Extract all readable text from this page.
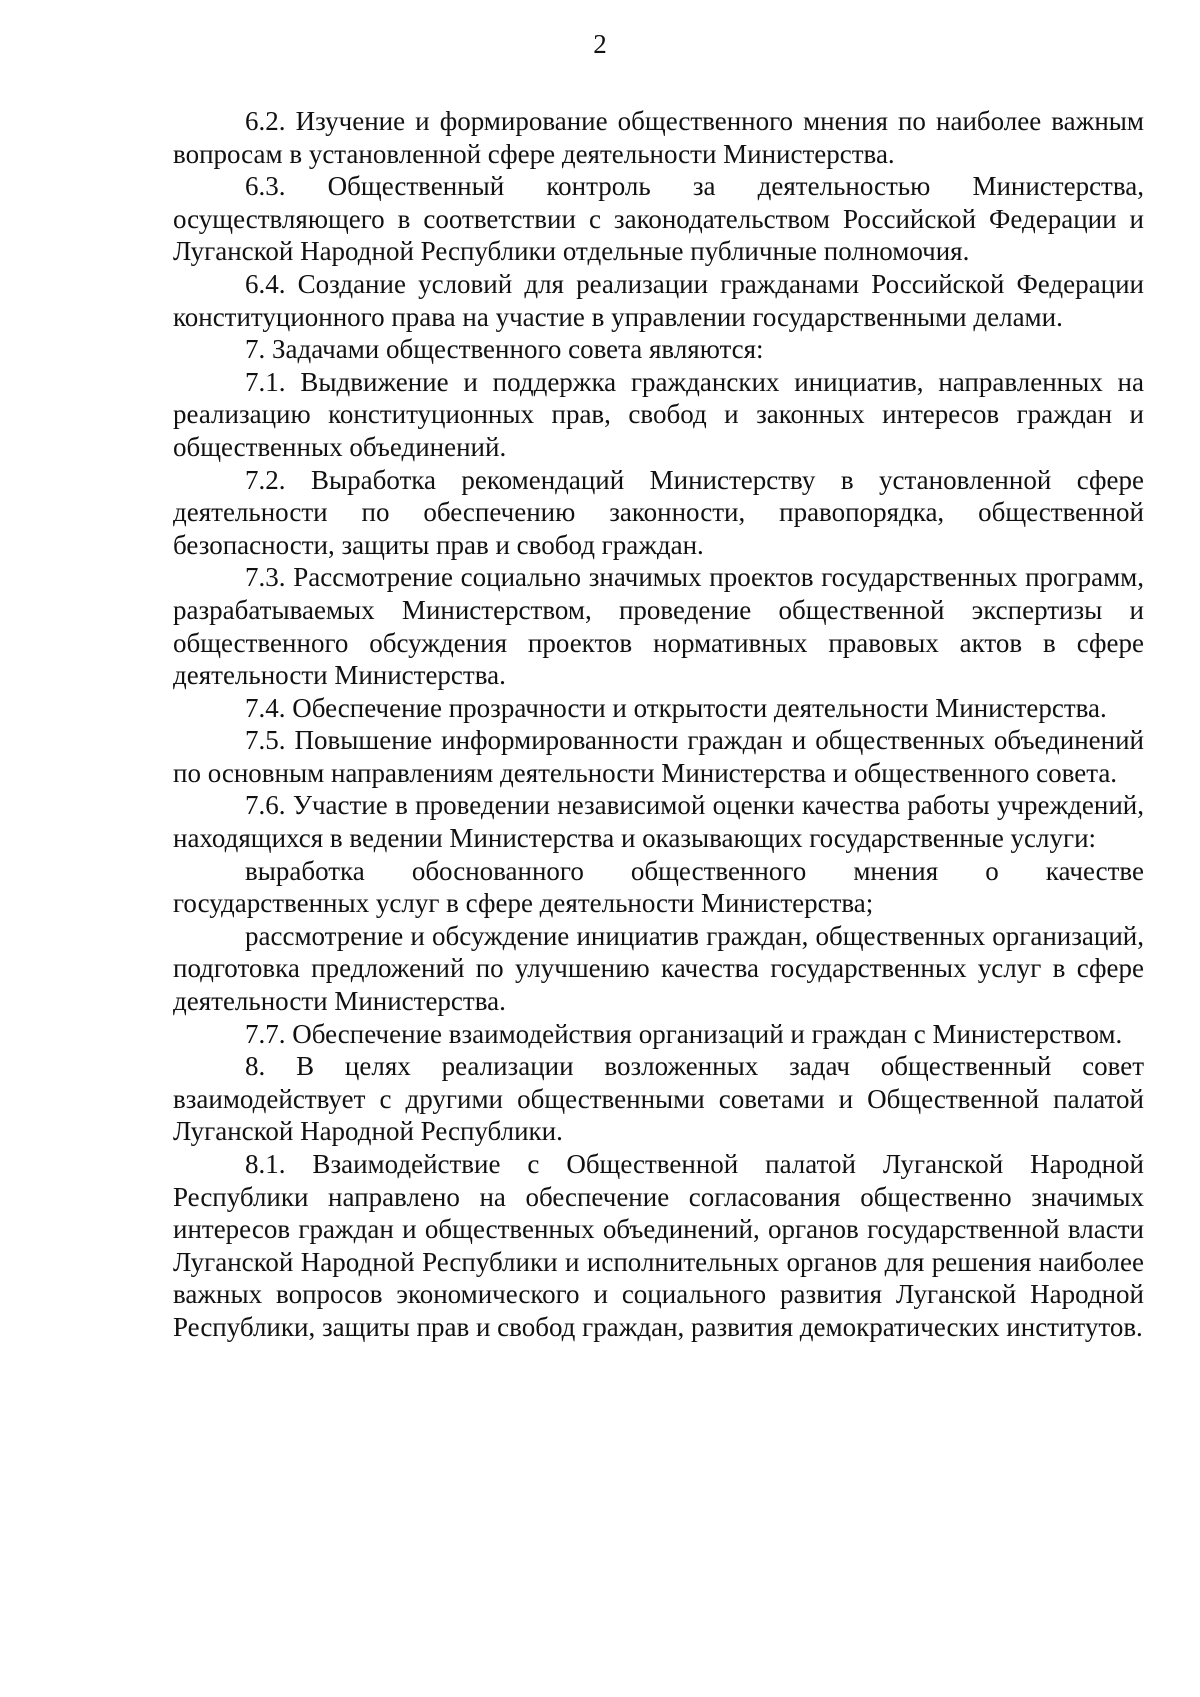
2

6.2. Изучение и формирование общественного мнения по наиболее важным вопросам в установленной сфере деятельности Министерства.

6.3. Общественный контроль за деятельностью Министерства, осуществляющего в соответствии с законодательством Российской Федерации и Луганской Народной Республики отдельные публичные полномочия.

6.4. Создание условий для реализации гражданами Российской Федерации конституционного права на участие в управлении государственными делами.

7. Задачами общественного совета являются:

7.1. Выдвижение и поддержка гражданских инициатив, направленных на реализацию конституционных прав, свобод и законных интересов граждан и общественных объединений.

7.2. Выработка рекомендаций Министерству в установленной сфере деятельности по обеспечению законности, правопорядка, общественной безопасности, защиты прав и свобод граждан.

7.3. Рассмотрение социально значимых проектов государственных программ, разрабатываемых Министерством, проведение общественной экспертизы и общественного обсуждения проектов нормативных правовых актов в сфере деятельности Министерства.

7.4. Обеспечение прозрачности и открытости деятельности Министерства.

7.5. Повышение информированности граждан и общественных объединений по основным направлениям деятельности Министерства и общественного совета.

7.6. Участие в проведении независимой оценки качества работы учреждений, находящихся в ведении Министерства и оказывающих государственные услуги:

выработка обоснованного общественного мнения о качестве государственных услуг в сфере деятельности Министерства;

рассмотрение и обсуждение инициатив граждан, общественных организаций, подготовка предложений по улучшению качества государственных услуг в сфере деятельности Министерства.

7.7. Обеспечение взаимодействия организаций и граждан с Министерством.

8. В целях реализации возложенных задач общественный совет взаимодействует с другими общественными советами и Общественной палатой Луганской Народной Республики.

8.1. Взаимодействие с Общественной палатой Луганской Народной Республики направлено на обеспечение согласования общественно значимых интересов граждан и общественных объединений, органов государственной власти Луганской Народной Республики и исполнительных органов для решения наиболее важных вопросов экономического и социального развития Луганской Народной Республики, защиты прав и свобод граждан, развития демократических институтов.
